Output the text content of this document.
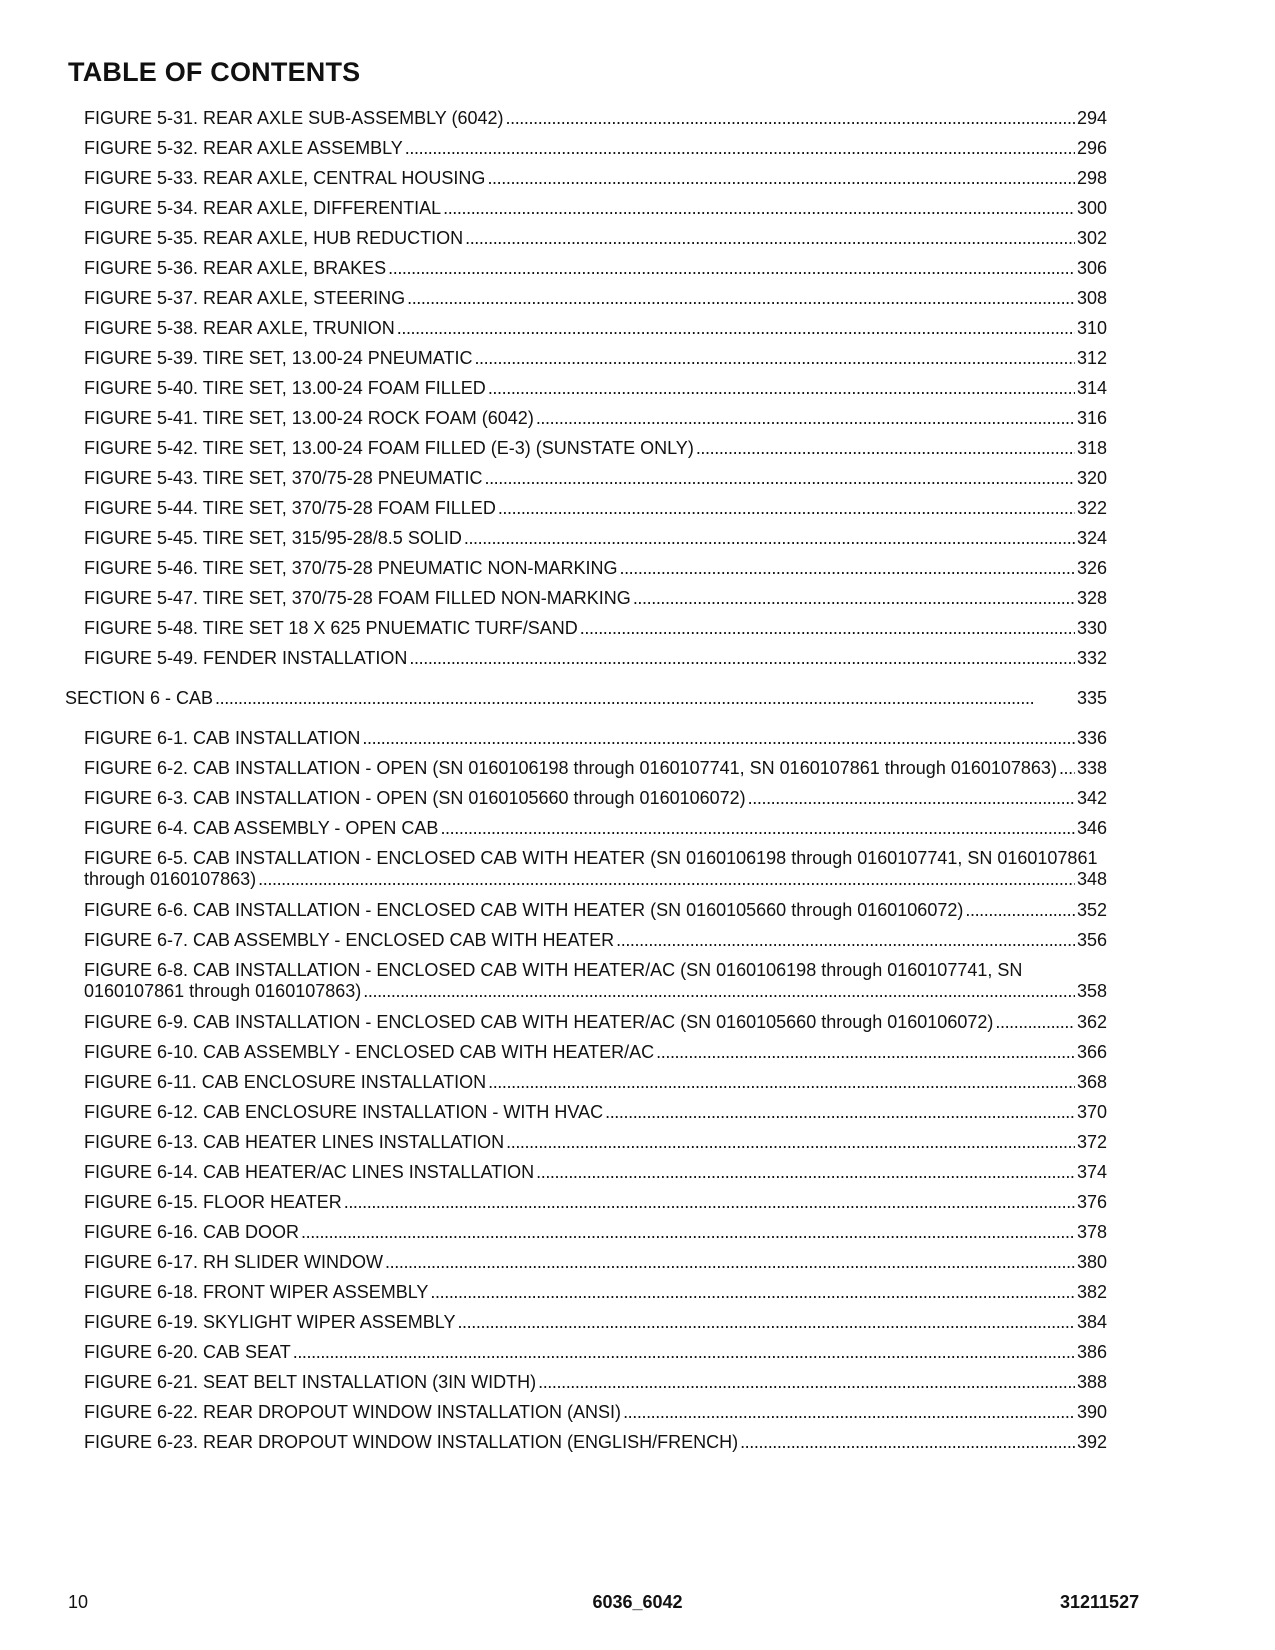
TABLE OF CONTENTS
FIGURE 5-31. REAR AXLE SUB-ASSEMBLY (6042) . . .	294
FIGURE 5-32. REAR AXLE ASSEMBLY . . .	296
FIGURE 5-33. REAR AXLE, CENTRAL HOUSING . . .	298
FIGURE 5-34. REAR AXLE, DIFFERENTIAL . . .	300
FIGURE 5-35. REAR AXLE, HUB REDUCTION . . .	302
FIGURE 5-36. REAR AXLE, BRAKES . . .	306
FIGURE 5-37. REAR AXLE, STEERING . . .	308
FIGURE 5-38. REAR AXLE, TRUNION . . .	310
FIGURE 5-39. TIRE SET, 13.00-24 PNEUMATIC . . .	312
FIGURE 5-40. TIRE SET, 13.00-24 FOAM FILLED . . .	314
FIGURE 5-41. TIRE SET, 13.00-24 ROCK FOAM (6042) . . .	316
FIGURE 5-42. TIRE SET, 13.00-24 FOAM FILLED (E-3) (SUNSTATE ONLY) . . .	318
FIGURE 5-43. TIRE SET, 370/75-28 PNEUMATIC . . .	320
FIGURE 5-44. TIRE SET, 370/75-28 FOAM FILLED . . .	322
FIGURE 5-45. TIRE SET, 315/95-28/8.5 SOLID . . .	324
FIGURE 5-46. TIRE SET, 370/75-28 PNEUMATIC NON-MARKING . . .	326
FIGURE 5-47. TIRE SET, 370/75-28 FOAM FILLED NON-MARKING . . .	328
FIGURE 5-48. TIRE SET 18 X 625 PNUEMATIC TURF/SAND . . .	330
FIGURE 5-49. FENDER INSTALLATION . . .	332
SECTION 6 - CAB . . .	335
FIGURE 6-1. CAB INSTALLATION . . .	336
FIGURE 6-2. CAB INSTALLATION - OPEN (SN 0160106198 through 0160107741, SN 0160107861 through 0160107863) . . . 338
FIGURE 6-3. CAB INSTALLATION - OPEN (SN 0160105660 through 0160106072) . . .	342
FIGURE 6-4. CAB ASSEMBLY - OPEN CAB . . .	346
FIGURE 6-5. CAB INSTALLATION - ENCLOSED CAB WITH HEATER (SN 0160106198 through 0160107741, SN 0160107861
through 0160107863) . . .	348
FIGURE 6-6. CAB INSTALLATION - ENCLOSED CAB WITH HEATER (SN 0160105660 through 0160106072) . . .	352
FIGURE 6-7. CAB ASSEMBLY - ENCLOSED CAB WITH HEATER . . .	356
FIGURE 6-8. CAB INSTALLATION - ENCLOSED CAB WITH HEATER/AC (SN 0160106198 through 0160107741, SN
0160107861 through 0160107863) . . .	358
FIGURE 6-9. CAB INSTALLATION - ENCLOSED CAB WITH HEATER/AC (SN 0160105660 through 0160106072) . . .	362
FIGURE 6-10. CAB ASSEMBLY - ENCLOSED CAB WITH HEATER/AC . . .	366
FIGURE 6-11. CAB ENCLOSURE INSTALLATION . . .	368
FIGURE 6-12. CAB ENCLOSURE INSTALLATION - WITH HVAC . . .	370
FIGURE 6-13. CAB HEATER LINES INSTALLATION . . .	372
FIGURE 6-14. CAB HEATER/AC LINES INSTALLATION . . .	374
FIGURE 6-15. FLOOR HEATER . . .	376
FIGURE 6-16. CAB DOOR . . .	378
FIGURE 6-17. RH SLIDER WINDOW . . .	380
FIGURE 6-18. FRONT WIPER ASSEMBLY . . .	382
FIGURE 6-19. SKYLIGHT WIPER ASSEMBLY . . .	384
FIGURE 6-20. CAB SEAT . . .	386
FIGURE 6-21. SEAT BELT INSTALLATION (3IN WIDTH) . . .	388
FIGURE 6-22. REAR DROPOUT WINDOW INSTALLATION (ANSI) . . .	390
FIGURE 6-23. REAR DROPOUT WINDOW INSTALLATION (ENGLISH/FRENCH) . . .	392
10	6036_6042	31211527
